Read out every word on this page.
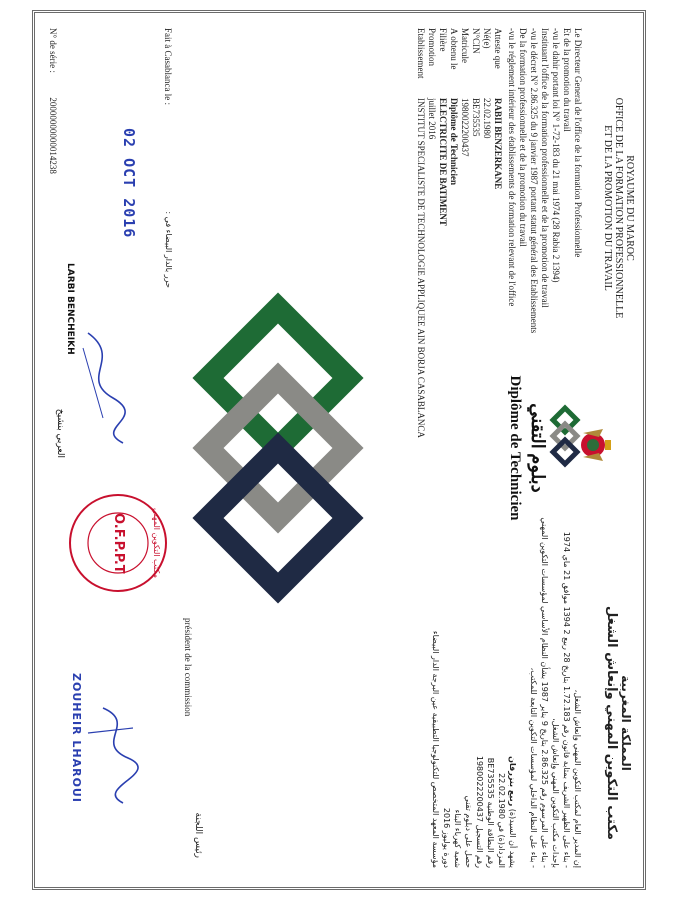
ROYAUME DU MAROC
OFFICE DE LA FORMATION PROFESSIONNELLE
ET DE LA PROMOTION DU TRAVAIL
المملكة المغربية
مكتب التكوين المهني وإنعاش الشغل
دبلوم التقني
Diplôme de Technicien
Le Directeur General de l'office de la formation Professionnelle
Et de la promotion du travail
-vu le dahir portant loi N° 1-72-183 du 21 mai 1974 (28 Rabia 2 1394)
Instituant l'office de la formation professionnelle et de la promotion de travail
-vu le décret N° 2.86.325 du 9 janvier 1987 portant statut général des Etablissements
De la formation professionnelle et de la promotion du travail
-vu le réglement intérieur des établissements de formation relevant de l'office
Atteste queRABII BENZERKANE
Né(e)22.02.1980
N°CINBE735535
Matricule1980022200437
A obtenu leDiplôme de Technicien
FilièreELECTRICITE DE BATIMENT
Promotionjuillet 2016
EtablissementINSTITUT SPECIALISTE DE TECHNOLOGIE APPLIQUEE AIN BORJA CASABLANCA
إن المدير العام لمكتب التكوين المهني وإنعاش الشغل،
- بناء على الظهير الشريف بمثابة قانون رقم 1.72.183 بتاريخ 28 ربيع 2 1394 موافق 21 ماي 1974
بإحداث مكتب التكوين المهني وإنعاش الشغل،
- بناء على المرسوم رقم 2.86.325 بتاريخ 9 يناير 1987 بشأن النظام الأساسي لمؤسسات التكوين المهني
- بناء على النظام الداخلي لمؤسسات التكوين التابعة للمكتب،
يشهد أن السيد(ة) ربيع بنزرقان
المزداد(ة) في 22.02.1980
رقم البطاقة الوطنية BE735535
رقم التسجيل 1980022200437
حصل على دبلوم تقني
شعبة كهرباء البناء
دورة يوليوز 2016
مؤسسة المعهد المتخصص للتكنولوجيا التطبيقية عين البرجة الدار البيضاء
Fait à Casablanca le :
حرر بالدار البيضاء في :
02 OCT 2016
N° de série :  20000000000014238
LARBI BENCHEIKH
العربي بنشيخ
O.F.P.P.T	مكتب التكوين المهني
président de la commission
رئيس اللجنة
ZOUHEIR LHAROUI
